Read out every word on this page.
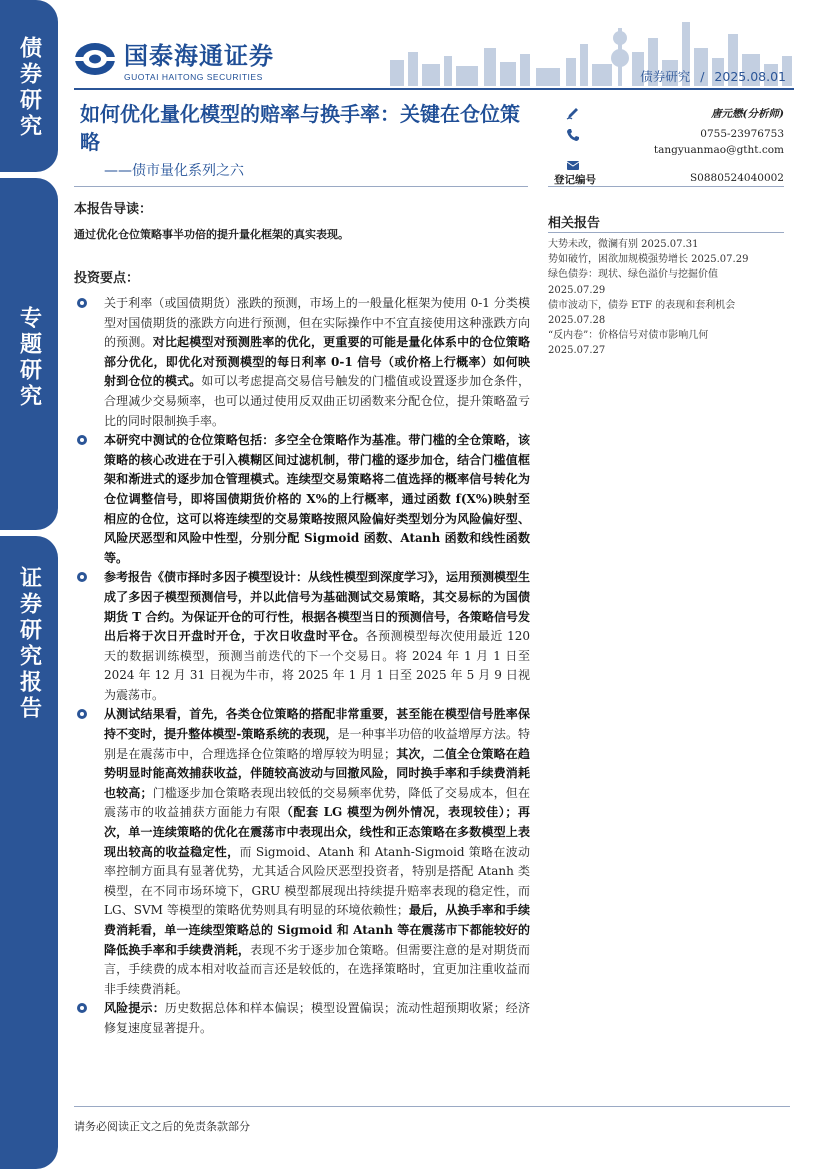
债券研究
专题研究
证券研究报告
国泰海通证券
GUOTAI HAITONG SECURITIES	债券研究 / 2025.08.01
如何优化量化模型的赔率与换手率：关键在仓位策略
——债市量化系列之六
唐元懋(分析师)
0755-23976753
tangyuanmao@gtht.com
登记编号	S0880524040002
相关报告
大势未改，微澜有别 2025.07.31
势如破竹，困欲加规模强势增长 2025.07.29
绿色债券：现状、绿色溢价与挖掘价值
2025.07.29
债市波动下，债券 ETF 的表现和套利机会
2025.07.28
“反内卷”：价格信号对债市影响几何
2025.07.27
本报告导读：
通过优化仓位策略事半功倍的提升量化框架的真实表现。
投资要点：
关于利率（或国债期货）涨跌的预测，市场上的一般量化框架为使用 0-1 分类模型对国债期货的涨跌方向进行预测，但在实际操作中不宜直接使用这种涨跌方向的预测。对比起模型对预测胜率的优化，更重要的可能是量化体系中的仓位策略部分优化，即优化对预测模型的每日利率 0-1 信号（或价格上行概率）如何映射到仓位的模式。如可以考虑提高交易信号触发的门槛值或设置逐步加仓条件，合理减少交易频率，也可以通过使用反双曲正切函数来分配仓位，提升策略盈亏比的同时限制换手率。
本研究中测试的仓位策略包括：多空全仓策略作为基准。带门槛的全仓策略，该策略的核心改进在于引入模糊区间过滤机制，带门槛的逐步加仓，结合门槛值框架和渐进式的逐步加仓管理模式。连续型交易策略将二值选择的概率信号转化为仓位调整信号，即将国债期货价格的 X%的上行概率，通过函数 f(X%)映射至相应的仓位，这可以将连续型的交易策略按照风险偏好类型划分为风险偏好型、风险厌恶型和风险中性型，分别分配 Sigmoid 函数、Atanh 函数和线性函数等。
参考报告《债市择时多因子模型设计：从线性模型到深度学习》，运用预测模型生成了多因子模型预测信号，并以此信号为基础测试交易策略，其交易标的为国债期货 T 合约。为保证开仓的可行性，根据各模型当日的预测信号，各策略信号发出后将于次日开盘时开仓，于次日收盘时平仓。各预测模型每次使用最近 120 天的数据训练模型，预测当前迭代的下一个交易日。将 2024 年 1 月 1 日至 2024 年 12 月 31 日视为牛市，将 2025 年 1 月 1 日至 2025 年 5 月 9 日视为震荡市。
从测试结果看，首先，各类仓位策略的搭配非常重要，甚至能在模型信号胜率保持不变时，提升整体模型-策略系统的表现，是一种事半功倍的收益增厚方法。特别是在震荡市中，合理选择仓位策略的增厚较为明显；其次，二值全仓策略在趋势明显时能高效捕获收益，伴随较高波动与回撤风险，同时换手率和手续费消耗也较高；门槛逐步加仓策略表现出较低的交易频率优势，降低了交易成本，但在震荡市的收益捕获方面能力有限（配套 LG 模型为例外情况，表现较佳）；再次，单一连续策略的优化在震荡市中表现出众，线性和正态策略在多数模型上表现出较高的收益稳定性，而 Sigmoid、Atanh 和 Atanh-Sigmoid 策略在波动率控制方面具有显著优势，尤其适合风险厌恶型投资者，特别是搭配 Atanh 类模型，在不同市场环境下，GRU 模型都展现出持续提升赔率表现的稳定性，而 LG、SVM 等模型的策略优势则具有明显的环境依赖性；最后，从换手率和手续费消耗看，单一连续型策略总的 Sigmoid 和 Atanh 等在震荡市下都能较好的降低换手率和手续费消耗，表现不劣于逐步加仓策略。但需要注意的是对期货而言，手续费的成本相对收益而言还是较低的，在选择策略时，宜更加注重收益而非手续费消耗。
风险提示：历史数据总体和样本偏误；模型设置偏误；流动性超预期收紧；经济修复速度显著提升。
请务必阅读正文之后的免责条款部分
